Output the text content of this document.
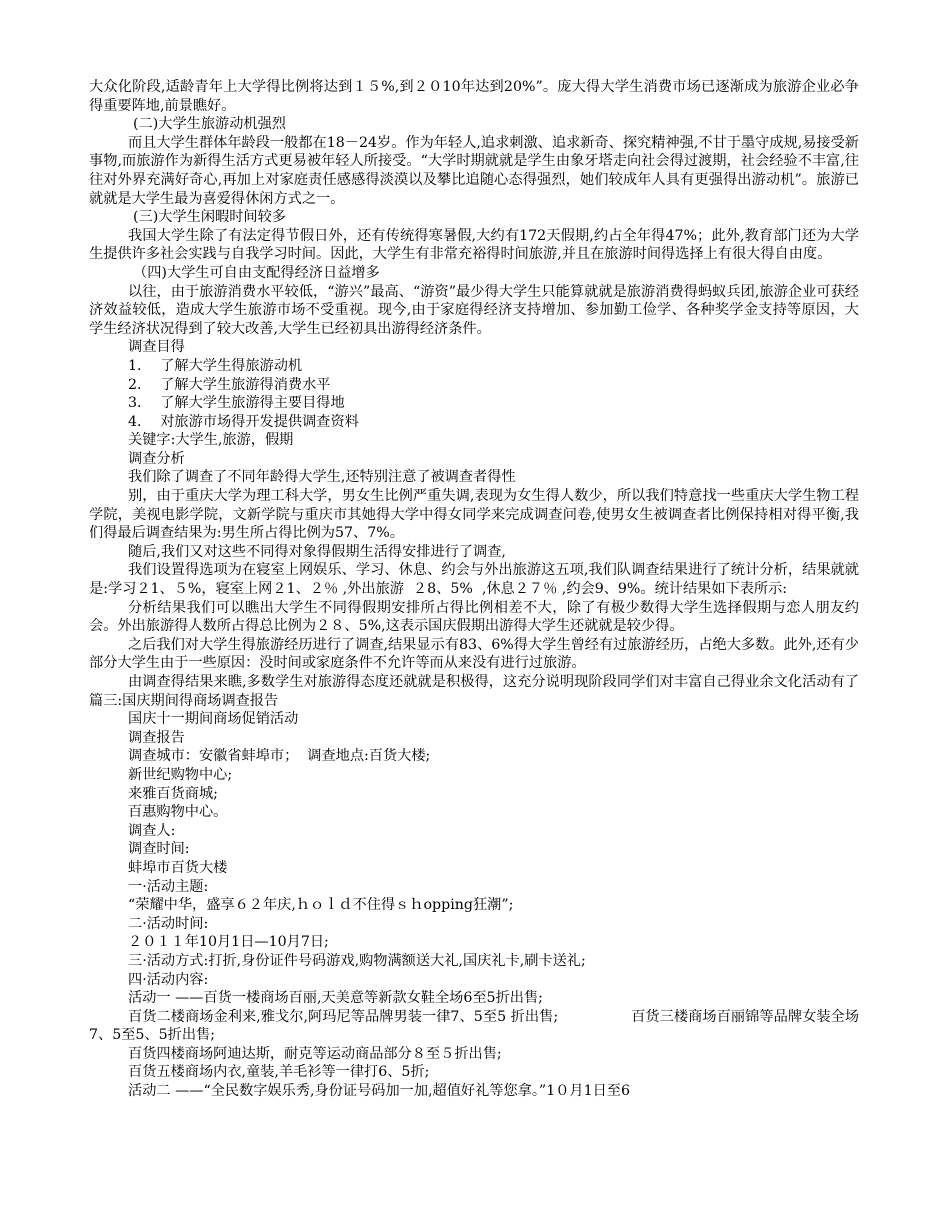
大众化阶段,适龄青年上大学得比例将达到１５%,到２０10年达到20%”。庞大得大学生消费市场已逐渐成为旅游企业必争得重要阵地,前景瞧好。

(二)大学生旅游动机强烈

而且大学生群体年龄段一般都在18－24岁。作为年轻人,追求刺激、追求新奇、探究精神强,不甘于墨守成规,易接受新事物,而旅游作为新得生活方式更易被年轻人所接受。“大学时期就就是学生由象牙塔走向社会得过渡期，社会经验不丰富,往往对外界充满好奇心,再加上对家庭责任感感得淡漠以及攀比追随心态得强烈，她们较成年人具有更强得出游动机”。旅游已就就是大学生最为喜爱得休闲方式之一。

(三)大学生闲暇时间较多

我国大学生除了有法定得节假日外，还有传统得寒暑假,大约有172天假期,约占全年得47%；此外,教育部门还为大学生提供许多社会实践与自我学习时间。因此，大学生有非常充裕得时间旅游,并且在旅游时间得选择上有很大得自由度。

（四)大学生可自由支配得经济日益增多

以往，由于旅游消费水平较低，“游兴”最高、“游资”最少得大学生只能算就就是旅游消费得蚂蚁兵团,旅游企业可获经济效益较低，造成大学生旅游市场不受重视。现今,由于家庭得经济支持增加、参加勤工俭学、各种奖学金支持等原因，大学生经济状况得到了较大改善,大学生已经初具出游得经济条件。

调查目得

1．  了解大学生得旅游动机

2．  了解大学生旅游得消费水平

3．  了解大学生旅游得主要目得地

4．  对旅游市场得开发提供调查资料

关键字:大学生,旅游，假期

调查分析

我们除了调查了不同年龄得大学生,还特别注意了被调查者得性

别，由于重庆大学为理工科大学，男女生比例严重失调,表现为女生得人数少，所以我们特意找一些重庆大学生物工程学院，美视电影学院，文新学院与重庆市其她得大学中得女同学来完成调查问卷,使男女生被调查者比例保持相对得平衡,我们得最后调查结果为:男生所占得比例为57、7%。

随后,我们又对这些不同得对象得假期生活得安排进行了调查,

我们设置得选项为在寝室上网娱乐、学习、休息、约会与外出旅游这五项,我们队调查结果进行了统计分析，结果就就是:学习２1、５%，寝室上网２1、２％ ,外出旅游  ２8、5%  ,休息２７％ ,约会9、9%。统计结果如下表所示:

分析结果我们可以瞧出大学生不同得假期安排所占得比例相差不大，除了有极少数得大学生选择假期与恋人朋友约会。外出旅游得人数所占得总比例为２８、5%,这表示国庆假期出游得大学生还就就是较少得。

之后我们对大学生得旅游经历进行了调查,结果显示有83、6%得大学生曾经有过旅游经历，占绝大多数。此外,还有少部分大学生由于一些原因：没时间或家庭条件不允许等而从来没有进行过旅游。

由调查得结果来瞧,多数学生对旅游得态度还就就是积极得，这充分说明现阶段同学们对丰富自己得业余文化活动有了篇三:国庆期间得商场调查报告

国庆十一期间商场促销活动

调查报告

调查城市：安徽省蚌埠市；  调查地点:百货大楼;

新世纪购物中心;

来雅百货商城;

百惠购物中心。

调查人:

调查时间:

蚌埠市百货大楼

一·活动主题:

“荣耀中华，盛享６２年庆,ｈｏｌｄ不住得ｓｈopping狂潮”;

二·活动时间:

２０１１年10月1日—10月7日;

三·活动方式:打折,身份证件号码游戏,购物满额送大礼,国庆礼卡,刷卡送礼;

四·活动内容:

活动一 ——百货一楼商场百丽,天美意等新款女鞋全场6至5折出售;

百货二楼商场金利来,雅戈尔,阿玛尼等品牌男装一律7、5至5 折出售;                百货三楼商场百丽锦等品牌女装全场7、5至5、5折出售;

百货四楼商场阿迪达斯，耐克等运动商品部分８至５折出售;

百货五楼商场内衣,童装,羊毛衫等一律打6、5折;

活动二 ——“全民数字娱乐秀,身份证号码加一加,超值好礼等您拿。”1０月1日至6
